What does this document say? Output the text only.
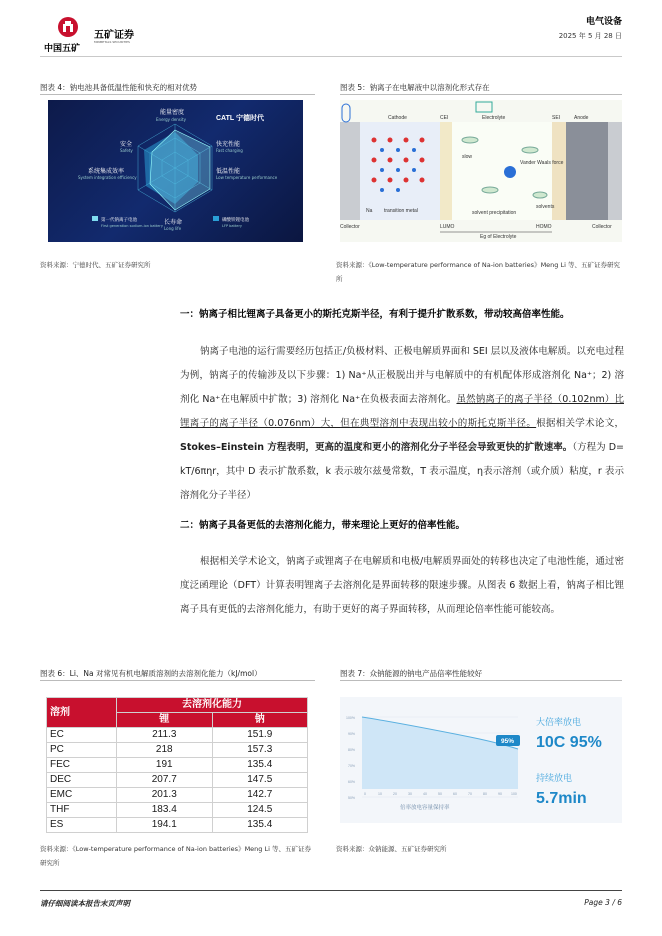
中国五矿
五矿证券
MINMETALS SECURITIES
电气设备
2025 年 5 月 28 日
图表 4：钠电池具备低温性能和快充的相对优势
CATL 宁德时代
能量密度
Energy density
安全
Safety
快充性能
Fast charging
系统集成效率
System integration efficiency
低温性能
Low temperature performance
长寿命
Long life
第一代钠离子电池
First generation sodium-ion battery
磷酸铁锂电池
LFP battery
资料来源：宁德时代、五矿证券研究所
图表 5：钠离子在电解液中以溶剂化形式存在
Cathode	CEI	Electrolyte	SEI	Anode
slow
Vander Waals force
solvents
solvent precipitation
Collector	Collector
LUMO	HOMO
Eg of Electrolyte
Na transition metal
资料来源：《Low-temperature performance of Na-ion batteries》Meng Li 等、五矿证券研究所
一：钠离子相比锂离子具备更小的斯托克斯半径，有利于提升扩散系数，带动较高倍率性能。
钠离子电池的运行需要经历包括正/负极材料、正极电解质界面和 SEI 层以及液体电解质。以充电过程为例，钠离子的传输涉及以下步骤：1) Na⁺从正极脱出并与电解质中的有机配体形成溶剂化 Na⁺；2) 溶剂化 Na⁺在电解质中扩散；3) 溶剂化 Na⁺在负极表面去溶剂化。虽然钠离子的离子半径（0.102nm）比锂离子的离子半径（0.076nm）大，但在典型溶剂中表现出较小的斯托克斯半径。根据相关学术论文，Stokes–Einstein 方程表明，更高的温度和更小的溶剂化分子半径会导致更快的扩散速率。（方程为 D= kT/6πηr，其中 D 表示扩散系数，k 表示玻尔兹曼常数，T 表示温度，η表示溶剂（或介质）粘度，r 表示溶剂化分子半径）
二：钠离子具备更低的去溶剂化能力，带来理论上更好的倍率性能。
根据相关学术论文，钠离子或锂离子在电解质和电极/电解质界面处的转移也决定了电池性能，通过密度泛函理论（DFT）计算表明锂离子去溶剂化是界面转移的限速步骤。从图表 6 数据上看，钠离子相比锂离子具有更低的去溶剂化能力，有助于更好的离子界面转移，从而理论倍率性能可能较高。
图表 6：Li、Na 对常见有机电解质溶剂的去溶剂化能力（kJ/mol）
溶剂	去溶剂化能力	
	锂	钠
EC	211.3	151.9
PC	218	157.3
FEC	191	135.4
DEC	207.7	147.5
EMC	201.3	142.7
THF	183.4	124.5
ES	194.1	135.4
资料来源：《Low-temperature performance of Na-ion batteries》Meng Li 等、五矿证券研究所
图表 7：众钠能源的钠电产品倍率性能较好
100%
90%
80%
70%
60%
50%
0	10	20	30	40	50	60	70	80	90	100
95%
倍率放电容量保持率
大倍率放电
10C 95%
持续放电
5.7min
资料来源：众钠能源、五矿证券研究所
请仔细阅读本报告末页声明	Page 3 / 6
